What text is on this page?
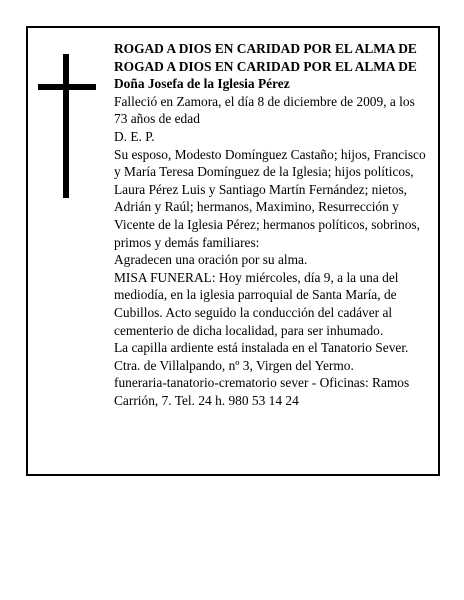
ROGAD A DIOS EN CARIDAD POR EL ALMA DE ROGAD A DIOS EN CARIDAD POR EL ALMA DE

Doña Josefa de la Iglesia Pérez

Falleció en Zamora, el día 8 de diciembre de 2009, a los 73 años de edad

D. E. P.

Su esposo, Modesto Domínguez Castaño; hijos, Francisco y María Teresa Domínguez de la Iglesia; hijos políticos, Laura Pérez Luis y Santiago Martín Fernández; nietos, Adrián y Raúl; hermanos, Maximino, Resurrección y Vicente de la Iglesia Pérez; hermanos políticos, sobrinos, primos y demás familiares:

Agradecen una oración por su alma.

MISA FUNERAL: Hoy miércoles, día 9, a la una del mediodía, en la iglesia parroquial de Santa María, de Cubillos. Acto seguido la conducción del cadáver al cementerio de dicha localidad, para ser inhumado.

La capilla ardiente está instalada en el Tanatorio Sever. Ctra. de Villalpando, nº 3, Virgen del Yermo.

funeraria-tanatorio-crematorio sever - Oficinas: Ramos Carrión, 7. Tel. 24 h. 980 53 14 24
